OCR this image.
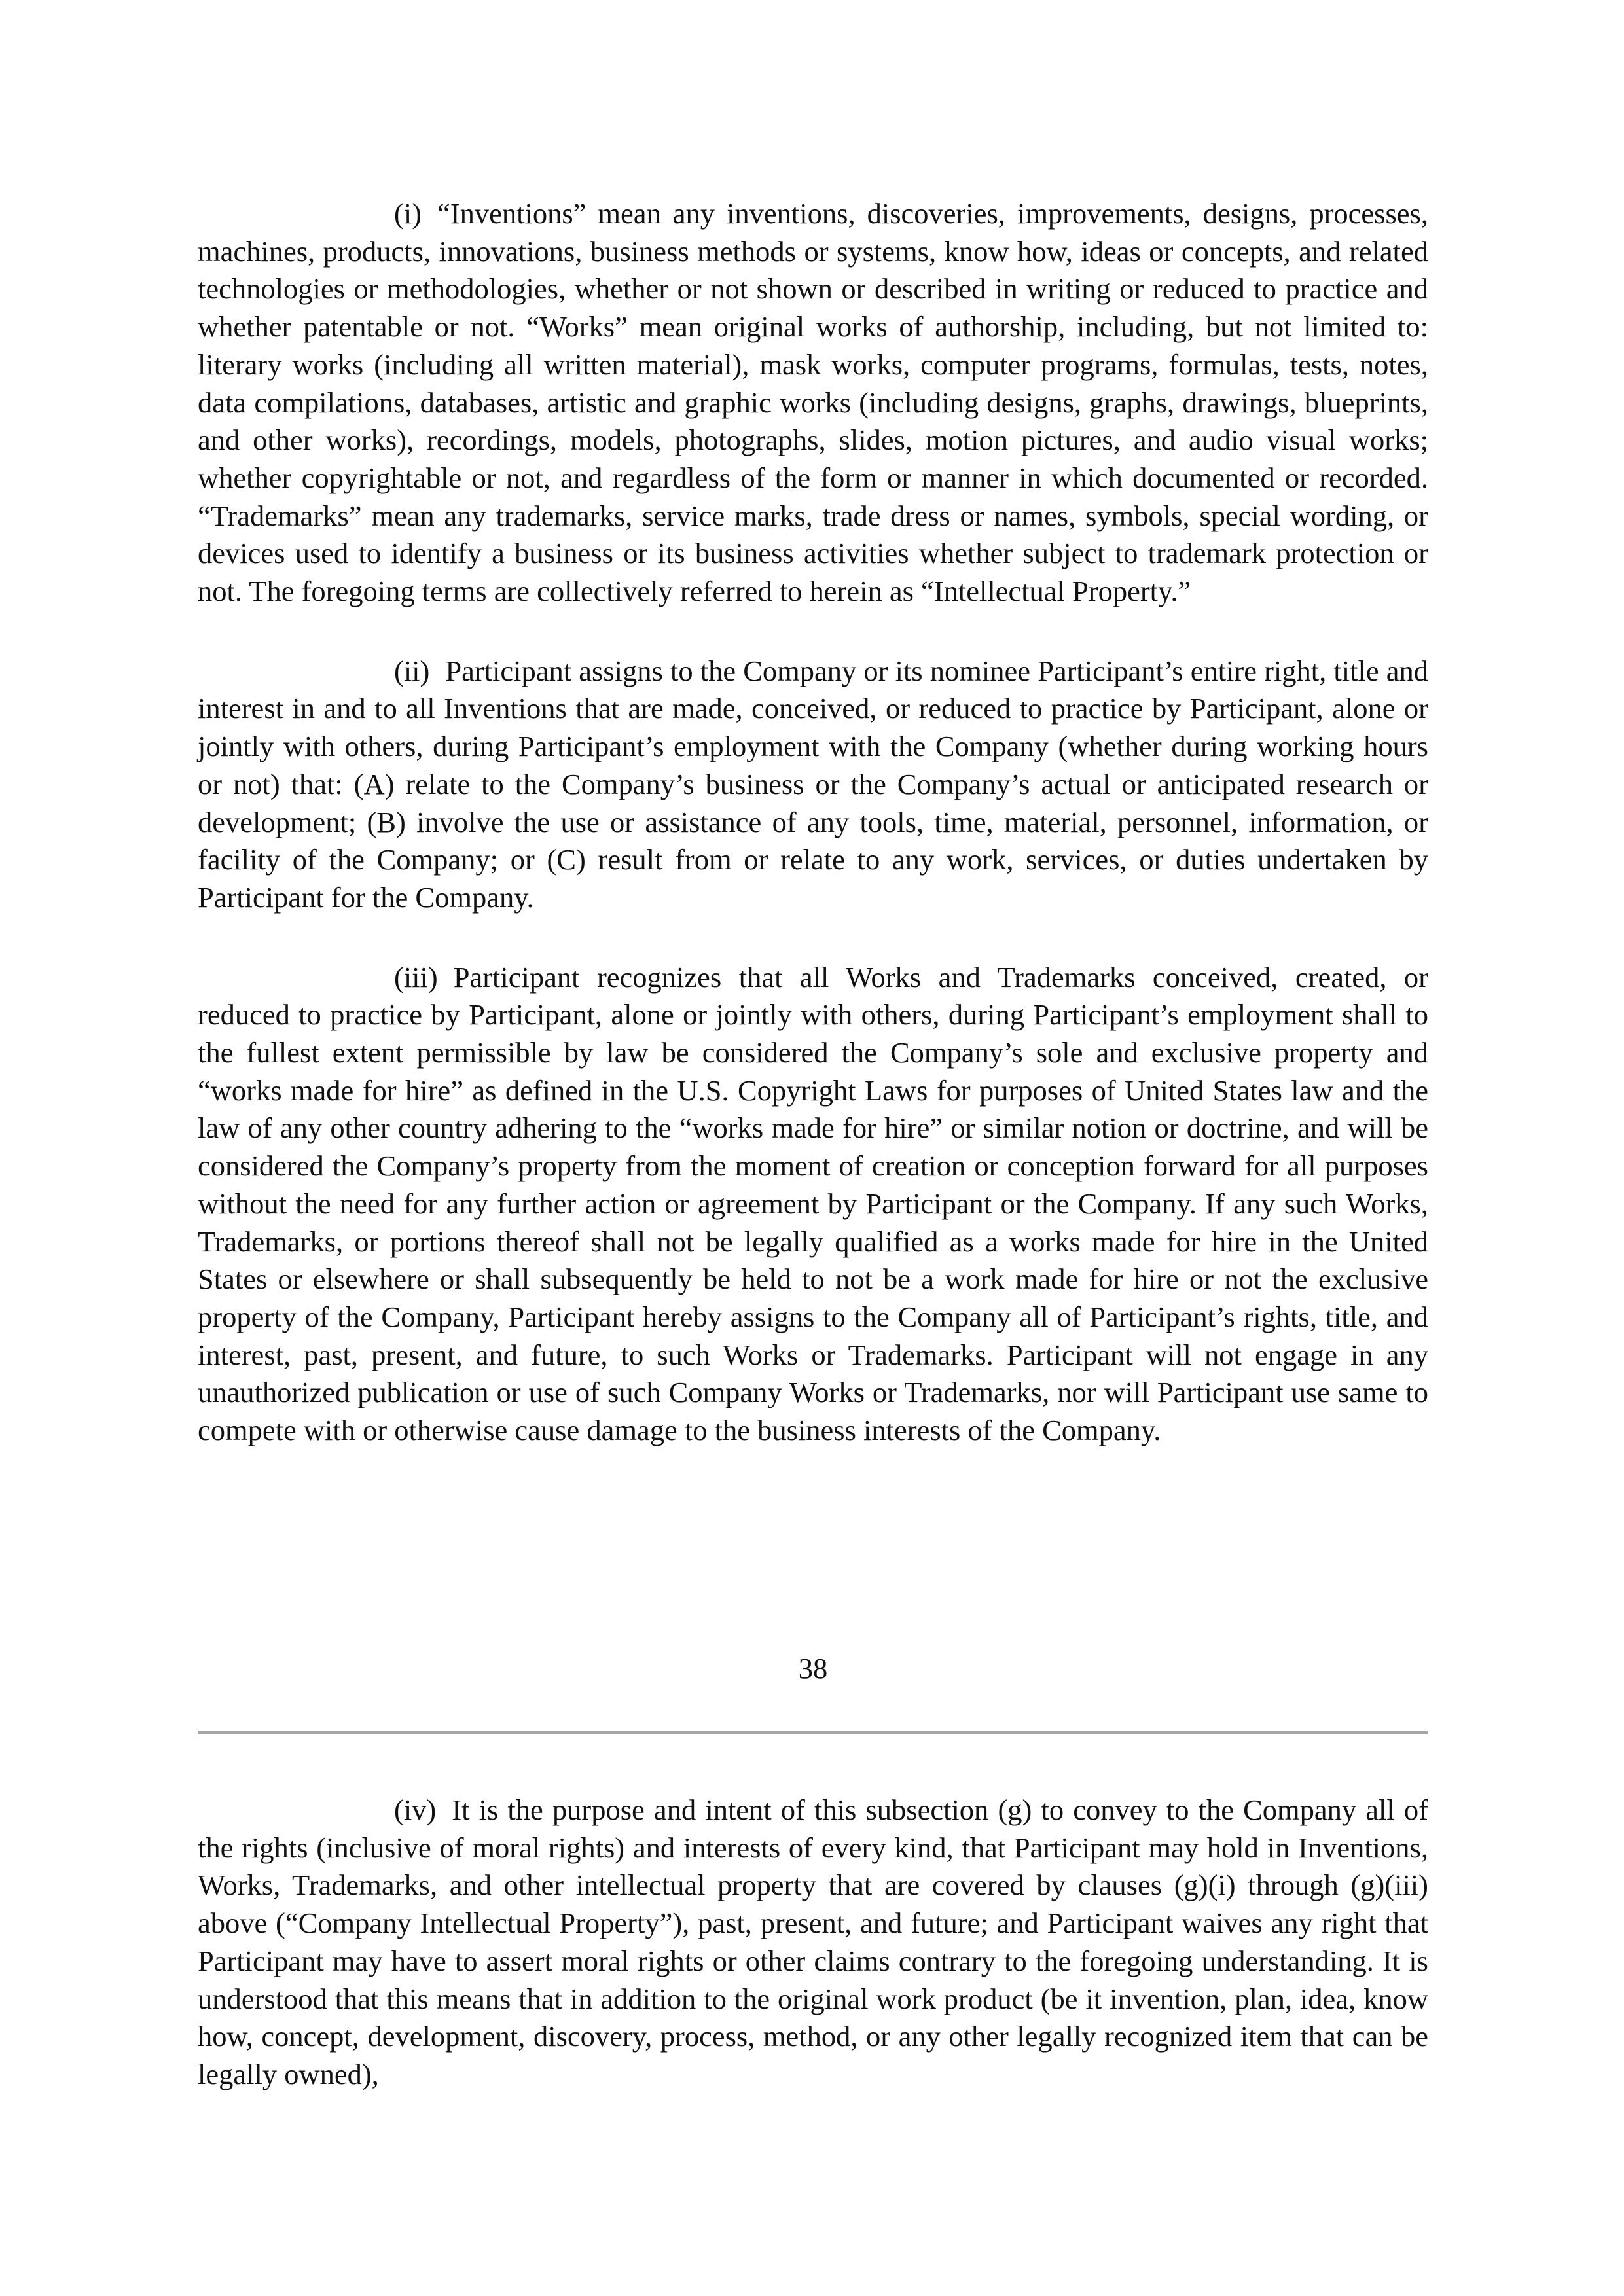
(i) “Inventions” mean any inventions, discoveries, improvements, designs, processes, machines, products, innovations, business methods or systems, know how, ideas or concepts, and related technologies or methodologies, whether or not shown or described in writing or reduced to practice and whether patentable or not. “Works” mean original works of authorship, including, but not limited to: literary works (including all written material), mask works, computer programs, formulas, tests, notes, data compilations, databases, artistic and graphic works (including designs, graphs, drawings, blueprints, and other works), recordings, models, photographs, slides, motion pictures, and audio visual works; whether copyrightable or not, and regardless of the form or manner in which documented or recorded. “Trademarks” mean any trademarks, service marks, trade dress or names, symbols, special wording, or devices used to identify a business or its business activities whether subject to trademark protection or not. The foregoing terms are collectively referred to herein as “Intellectual Property.”

(ii) Participant assigns to the Company or its nominee Participant’s entire right, title and interest in and to all Inventions that are made, conceived, or reduced to practice by Participant, alone or jointly with others, during Participant’s employment with the Company (whether during working hours or not) that: (A) relate to the Company’s business or the Company’s actual or anticipated research or development; (B) involve the use or assistance of any tools, time, material, personnel, information, or facility of the Company; or (C) result from or relate to any work, services, or duties undertaken by Participant for the Company.

(iii) Participant recognizes that all Works and Trademarks conceived, created, or reduced to practice by Participant, alone or jointly with others, during Participant’s employment shall to the fullest extent permissible by law be considered the Company’s sole and exclusive property and “works made for hire” as defined in the U.S. Copyright Laws for purposes of United States law and the law of any other country adhering to the “works made for hire” or similar notion or doctrine, and will be considered the Company’s property from the moment of creation or conception forward for all purposes without the need for any further action or agreement by Participant or the Company. If any such Works, Trademarks, or portions thereof shall not be legally qualified as a works made for hire in the United States or elsewhere or shall subsequently be held to not be a work made for hire or not the exclusive property of the Company, Participant hereby assigns to the Company all of Participant’s rights, title, and interest, past, present, and future, to such Works or Trademarks. Participant will not engage in any unauthorized publication or use of such Company Works or Trademarks, nor will Participant use same to compete with or otherwise cause damage to the business interests of the Company.

38

(iv) It is the purpose and intent of this subsection (g) to convey to the Company all of the rights (inclusive of moral rights) and interests of every kind, that Participant may hold in Inventions, Works, Trademarks, and other intellectual property that are covered by clauses (g)(i) through (g)(iii) above (“Company Intellectual Property”), past, present, and future; and Participant waives any right that Participant may have to assert moral rights or other claims contrary to the foregoing understanding. It is understood that this means that in addition to the original work product (be it invention, plan, idea, know how, concept, development, discovery, process, method, or any other legally recognized item that can be legally owned),
